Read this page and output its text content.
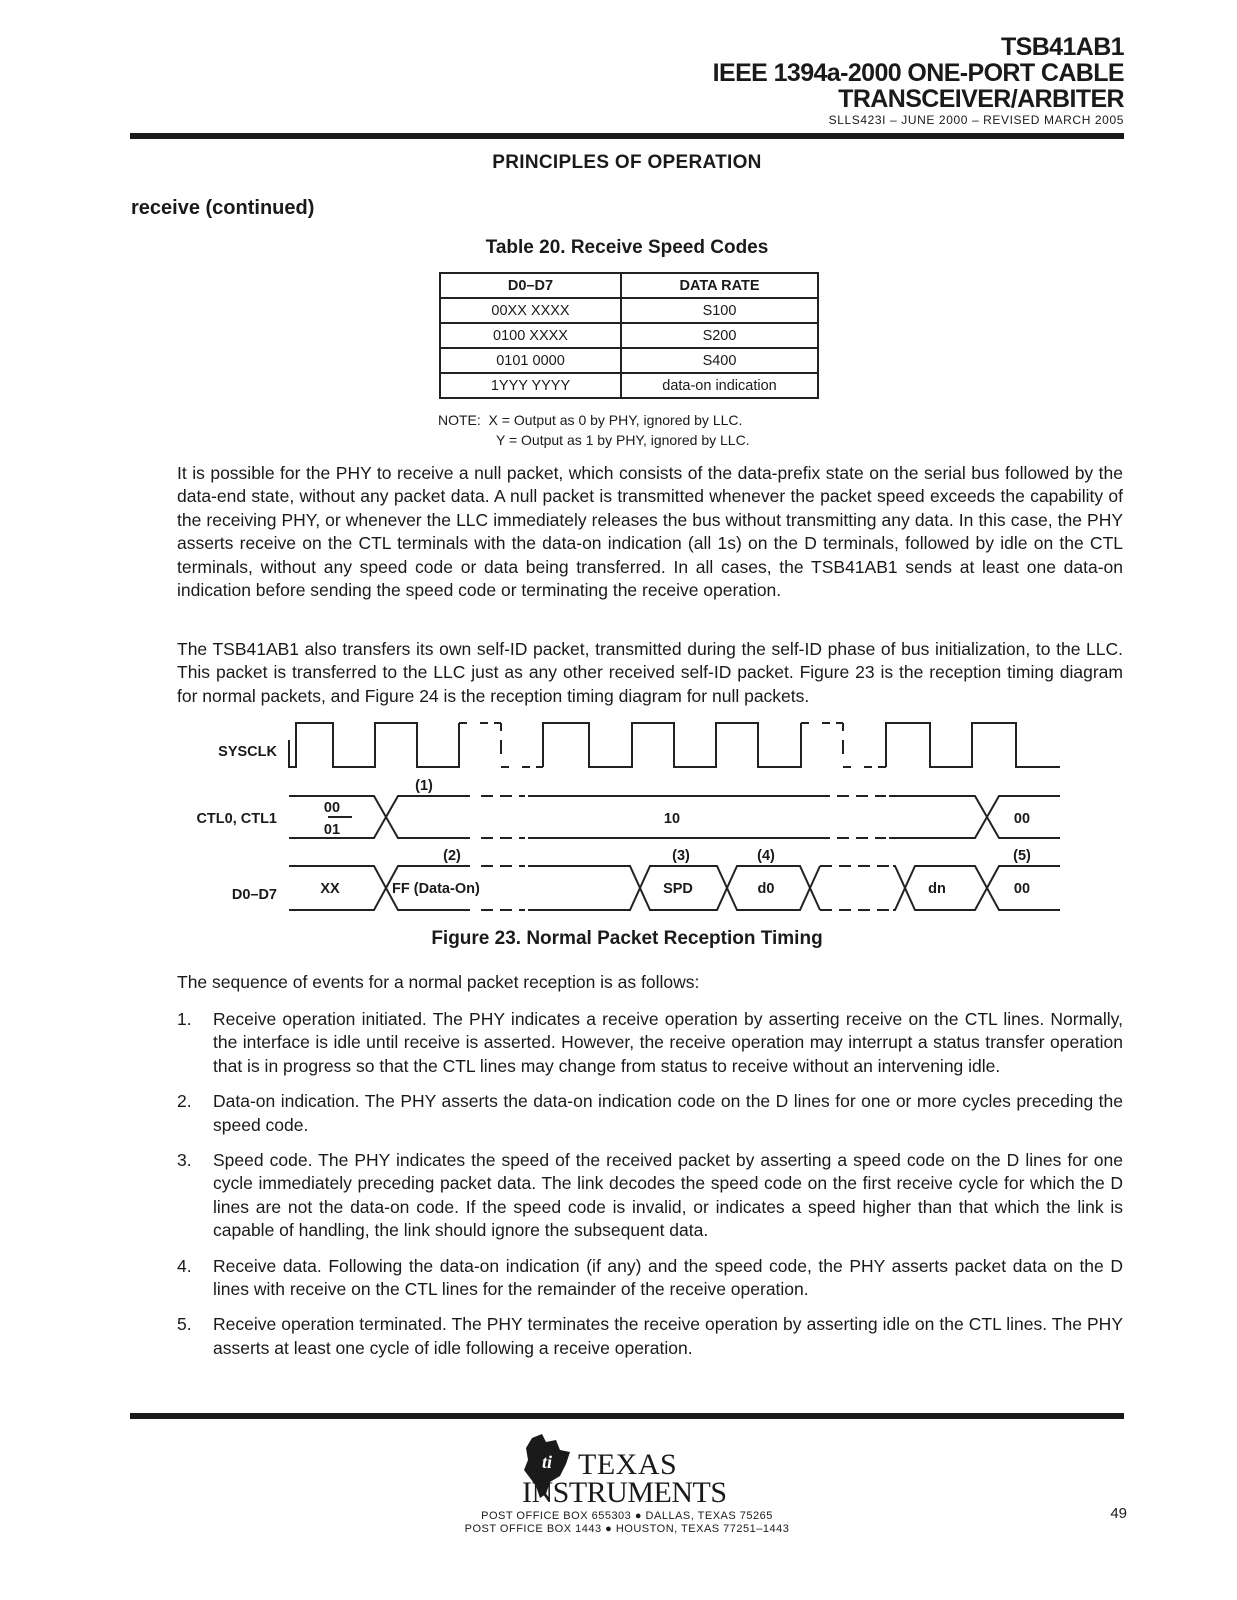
TSB41AB1
IEEE 1394a-2000 ONE-PORT CABLE
TRANSCEIVER/ARBITER
SLLS423I – JUNE 2000 – REVISED MARCH 2005
PRINCIPLES OF OPERATION
receive (continued)
Table 20. Receive Speed Codes
D0–D7	DATA RATE
00XX XXXX	S100
0100 XXXX	S200
0101 0000	S400
1YYY YYYY	data-on indication
NOTE:  X = Output as 0 by PHY, ignored by LLC.
Y = Output as 1 by PHY, ignored by LLC.
It is possible for the PHY to receive a null packet, which consists of the data-prefix state on the serial bus followed by the data-end state, without any packet data. A null packet is transmitted whenever the packet speed exceeds the capability of the receiving PHY, or whenever the LLC immediately releases the bus without transmitting any data. In this case, the PHY asserts receive on the CTL terminals with the data-on indication (all 1s) on the D terminals, followed by idle on the CTL terminals, without any speed code or data being transferred. In all cases, the TSB41AB1 sends at least one data-on indication before sending the speed code or terminating the receive operation.
The TSB41AB1 also transfers its own self-ID packet, transmitted during the self-ID phase of bus initialization, to the LLC. This packet is transferred to the LLC just as any other received self-ID packet. Figure 23 is the reception timing diagram for normal packets, and Figure 24 is the reception timing diagram for null packets.
SYSCLK
CTL0, CTL1
D0–D7
00
01
10	00
XX	FF (Data-On)	SPD	d0	dn	00
(1)
(2)	(3)	(4)	(5)
Figure 23. Normal Packet Reception Timing
The sequence of events for a normal packet reception is as follows:
1. Receive operation initiated. The PHY indicates a receive operation by asserting receive on the CTL lines. Normally, the interface is idle until receive is asserted. However, the receive operation may interrupt a status transfer operation that is in progress so that the CTL lines may change from status to receive without an intervening idle.
2. Data-on indication. The PHY asserts the data-on indication code on the D lines for one or more cycles preceding the speed code.
3. Speed code. The PHY indicates the speed of the received packet by asserting a speed code on the D lines for one cycle immediately preceding packet data. The link decodes the speed code on the first receive cycle for which the D lines are not the data-on code. If the speed code is invalid, or indicates a speed higher than that which the link is capable of handling, the link should ignore the subsequent data.
4. Receive data. Following the data-on indication (if any) and the speed code, the PHY asserts packet data on the D lines with receive on the CTL lines for the remainder of the receive operation.
5. Receive operation terminated. The PHY terminates the receive operation by asserting idle on the CTL lines. The PHY asserts at least one cycle of idle following a receive operation.
ti TEXAS
INSTRUMENTS
POST OFFICE BOX 655303 ● DALLAS, TEXAS 75265
POST OFFICE BOX 1443 ● HOUSTON, TEXAS 77251–1443
49
